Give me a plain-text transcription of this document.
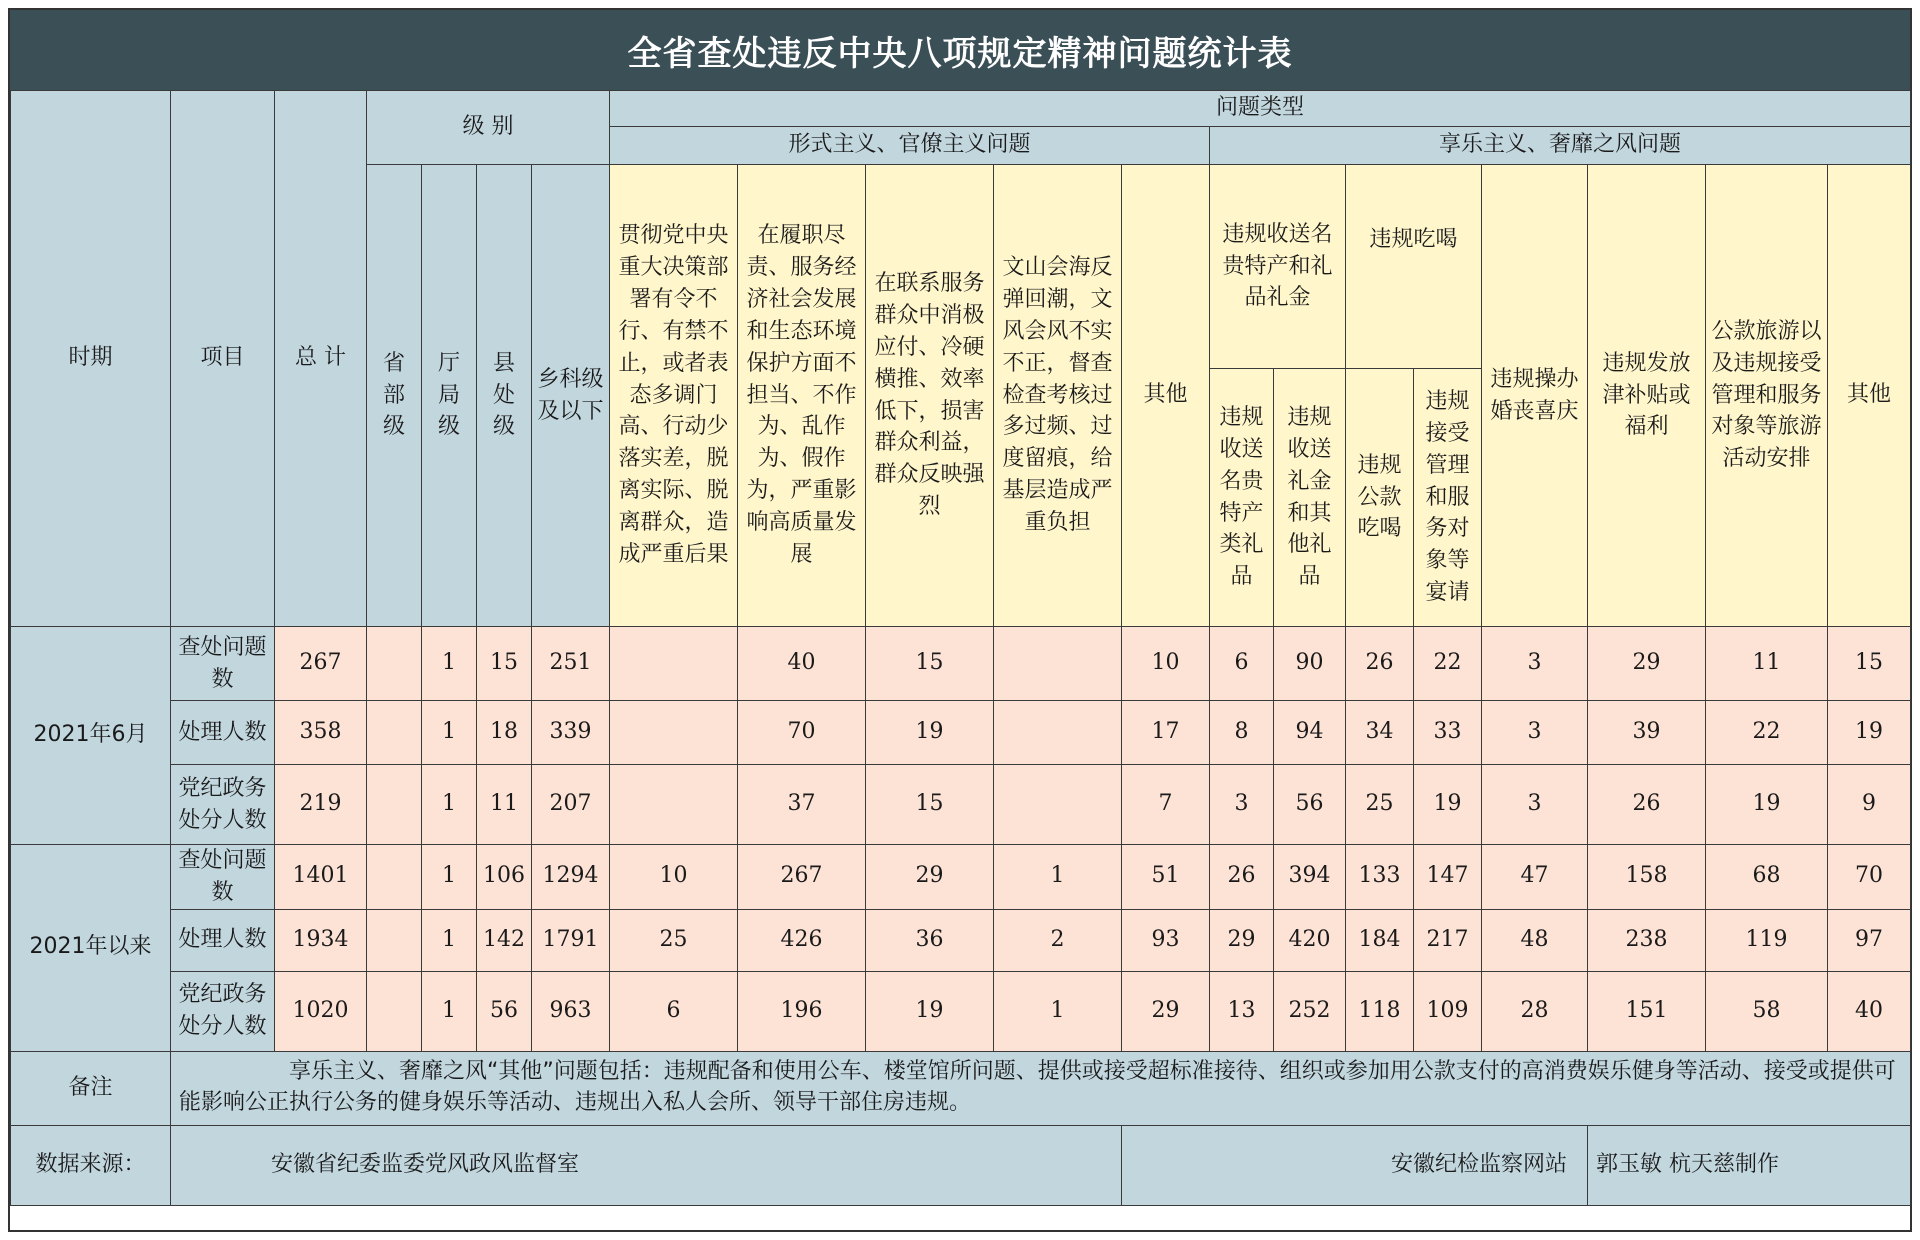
全省查处违反中央八项规定精神问题统计表
时期	项目	总 计	级 别				问题类型												
							形式主义、官僚主义问题					享乐主义、奢靡之风问题							

			省部级	厅局级	县处级	乡科级及以下	贯彻党中央重大决策部署有令不行、有禁不止，或者表态多调门高、行动少落实差，脱离实际、脱离群众，造成严重后果	在履职尽责、服务经济社会发展和生态环境保护方面不担当、不作为、乱作为、假作为，严重影响高质量发展	在联系服务群众中消极应付、冷硬横推、效率低下，损害群众利益，群众反映强烈	文山会海反弹回潮，文风会风不实不正，督查检查考核过多过频、过度留痕，给基层造成严重负担	其他	违规收送名贵特产和礼品礼金		违规吃喝		违规操办婚丧喜庆	违规发放津补贴或福利	公款旅游以及违规接受管理和服务对象等旅游活动安排	其他

												违规收送名贵特产类礼品	违规收送礼金和其他礼品	违规公款吃喝	违规接受管理和服务对象等宴请				

2021年6月	查处问题数	267		1	15	251		40	15		10	6	90	26	22	3	29	11	15

	处理人数	358		1	18	339		70	19		17	8	94	34	33	3	39	22	19

	党纪政务处分人数	219		1	11	207		37	15		7	3	56	25	19	3	26	19	9
2021年以来	查处问题数	1401		1	106	1294	10	267	29	1	51	26	394	133	147	47	158	68	70

	处理人数	1934		1	142	1791	25	426	36	2	93	29	420	184	217	48	238	119	97

	党纪政务处分人数	1020		1	56	963	6	196	19	1	29	13	252	118	109	28	151	58	40
备注	享乐主义、奢靡之风“其他”问题包括：违规配备和使用公车、楼堂馆所问题、提供或接受超标准接待、组织或参加用公款支付的高消费娱乐健身等活动、接受或提供可能影响公正执行公务的健身娱乐等活动、违规出入私人会所、领导干部住房违规。																		
数据来源：	安徽省纪委监委党风政风监督室										安徽纪检监察网站						郭玉敏 杭天慈制作		
